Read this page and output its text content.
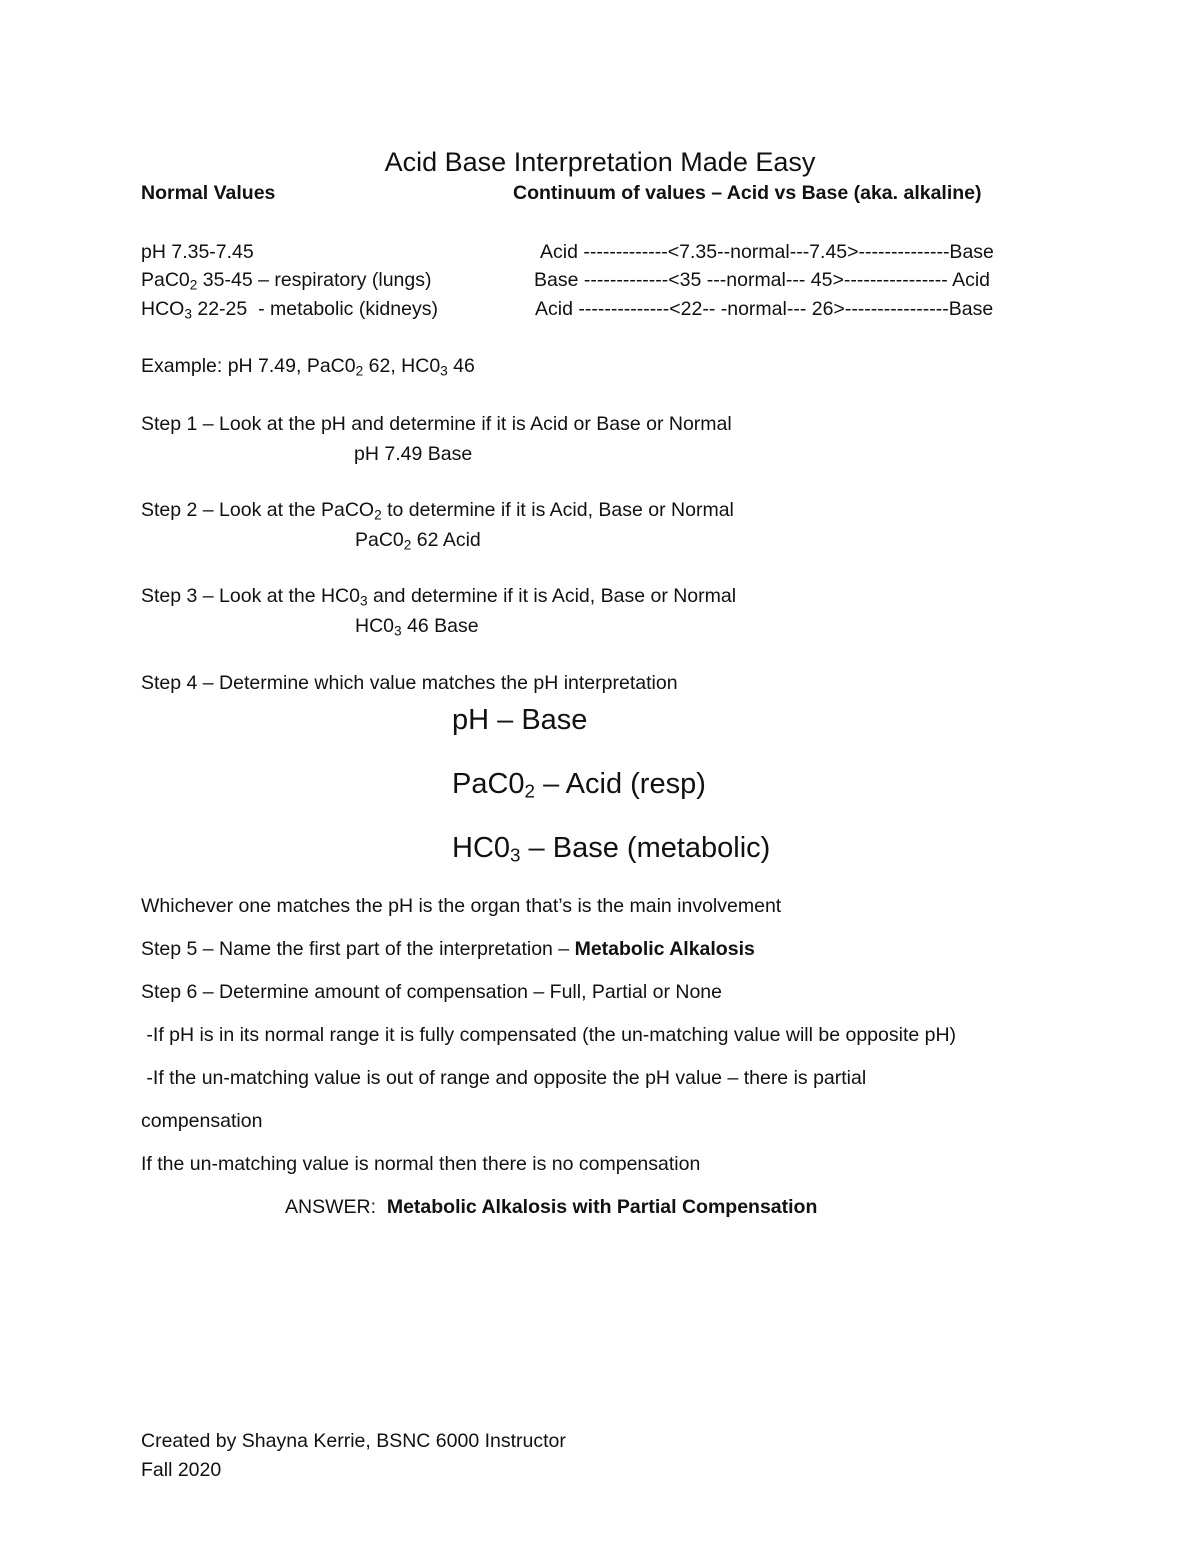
Acid Base Interpretation Made Easy
Normal Values	Continuum of values – Acid vs Base (aka. alkaline)
pH 7.35-7.45	Acid -------------<7.35--normal---7.45>--------------Base
$PaC0_2$ 35-45 – respiratory (lungs)	Base -------------<35 ---normal--- 45>---------------- Acid
$HCO_3$ 22-25  - metabolic (kidneys)	Acid --------------<22-- -normal--- 26>----------------Base
Example: pH 7.49, $PaC0_2$ 62, $HC0_3$ 46
Step 1 – Look at the pH and determine if it is Acid or Base or Normal
pH 7.49 Base
Step 2 – Look at the PaCO$_2$ to determine if it is Acid, Base or Normal
$PaC0_2$ 62 Acid
Step 3 – Look at the $HC0_3$ and determine if it is Acid, Base or Normal
$HC0_3$ 46 Base
Step 4 – Determine which value matches the pH interpretation
pH – Base
$PaC0_2$ – Acid (resp)
$HC0_3$ – Base (metabolic)
Whichever one matches the pH is the organ that’s is the main involvement
Step 5 – Name the first part of the interpretation – Metabolic Alkalosis
Step 6 – Determine amount of compensation – Full, Partial or None
-If pH is in its normal range it is fully compensated (the un-matching value will be opposite pH)
-If the un-matching value is out of range and opposite the pH value – there is partial
compensation
If the un-matching value is normal then there is no compensation
ANSWER:  Metabolic Alkalosis with Partial Compensation
Created by Shayna Kerrie, BSNC 6000 Instructor
Fall 2020
